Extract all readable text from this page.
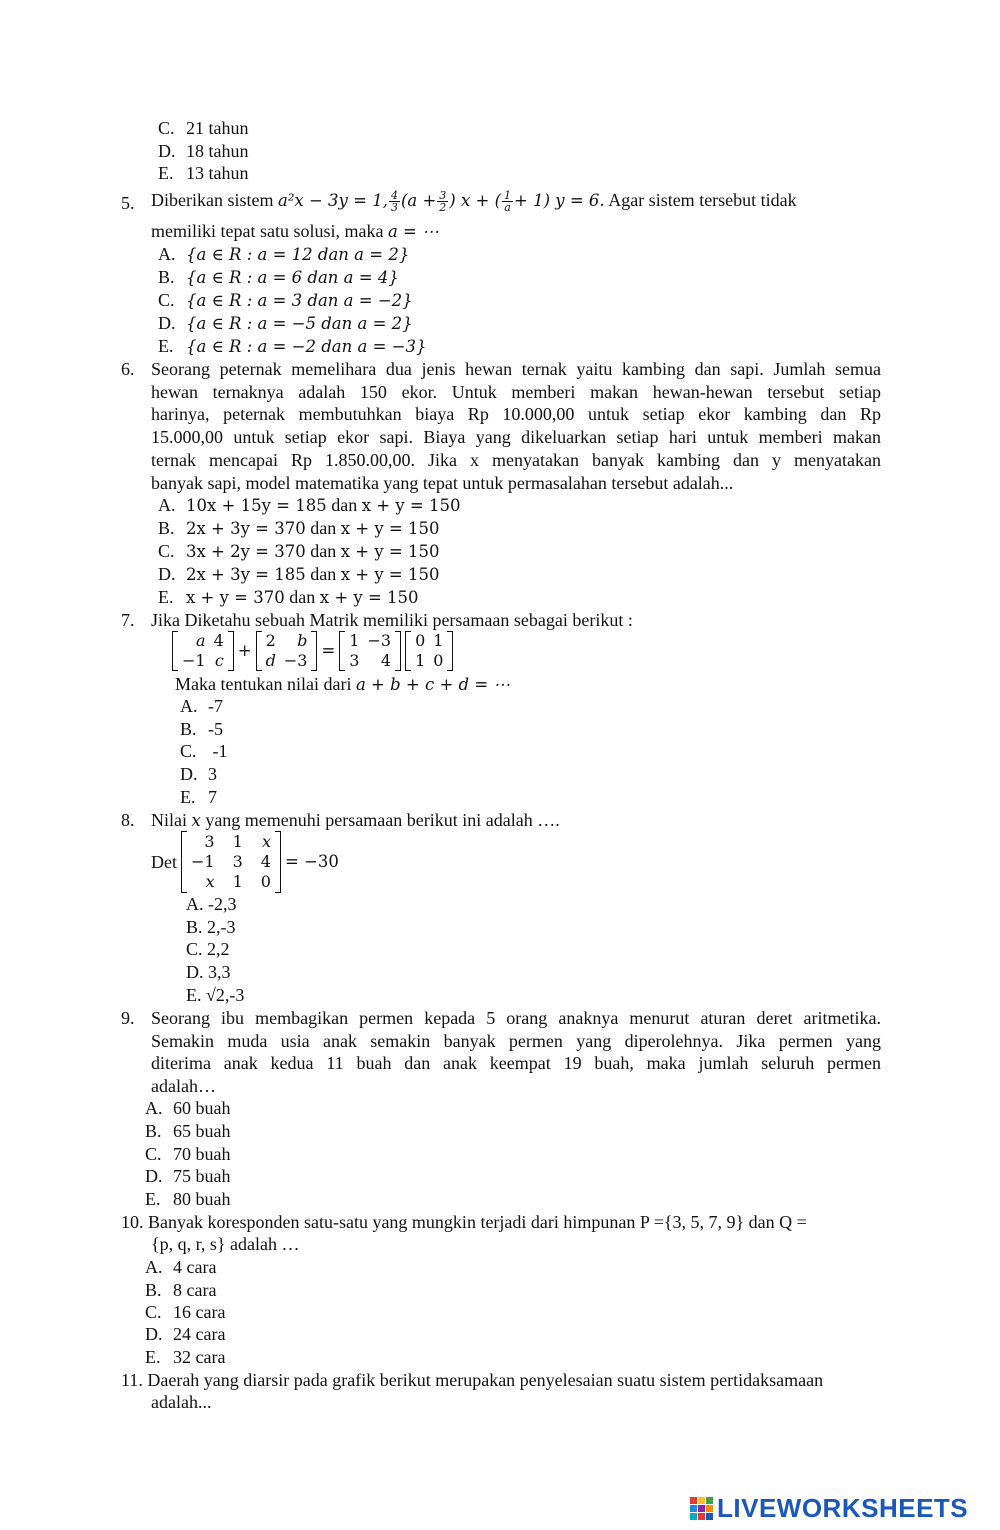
C. 21 tahun
D. 18 tahun
E. 13 tahun
5. Diberikan sistem a²x − 3y = 1, $\frac{4}{3} (a + \frac{3}{2}$ ) x + ( $\frac{1}{a} + 1$) y = 6. Agar sistem tersebut tidak
memiliki tepat satu solusi, maka a = ⋯
A. {a ∈ R : a = 12 dan a = 2}
B. {a ∈ R : a = 6 dan a = 4}
C. {a ∈ R : a = 3 dan a = −2}
D. {a ∈ R : a = −5 dan a = 2}
E. {a ∈ R : a = −2 dan a = −3}
6. Seorang peternak memelihara dua jenis hewan ternak yaitu kambing dan sapi. Jumlah semua
hewan ternaknya adalah 150 ekor. Untuk memberi makan hewan-hewan tersebut setiap
harinya, peternak membutuhkan biaya Rp 10.000,00 untuk setiap ekor kambing dan Rp
15.000,00 untuk setiap ekor sapi. Biaya yang dikeluarkan setiap hari untuk memberi makan
ternak mencapai Rp 1.850.00,00. Jika x menyatakan banyak kambing dan y menyatakan
banyak sapi, model matematika yang tepat untuk permasalahan tersebut adalah...
A. 10x + 15y = 185 dan x + y = 150
B. 2x + 3y = 370 dan x + y = 150
C. 3x + 2y = 370 dan x + y = 150
D. 2x + 3y = 185 dan x + y = 150
E. x + y = 370 dan x + y = 150
7. Jika Diketahu sebuah Matrik memiliki persamaan sebagai berikut :
a	4
−1	c
+
2	b
d	−3
=
1	−3
3	4
0	1
1	0
Maka tentukan nilai dari a + b + c + d = ⋯
A. -7
B. -5
C. -1
D. 3
E. 7
8. Nilai x yang memenuhi persamaan berikut ini adalah ….
Det
3	1	x
−1	3	4
x	1	0
= −30
A. -2,3
B. 2,-3
C. 2,2
D. 3,3
E. √2,-3
9. Seorang ibu membagikan permen kepada 5 orang anaknya menurut aturan deret aritmetika.
Semakin muda usia anak semakin banyak permen yang diperolehnya. Jika permen yang
diterima anak kedua 11 buah dan anak keempat 19 buah, maka jumlah seluruh permen
adalah…
A. 60 buah
B. 65 buah
C. 70 buah
D. 75 buah
E. 80 buah
10. Banyak koresponden satu-satu yang mungkin terjadi dari himpunan P ={3, 5, 7, 9} dan Q =
{p, q, r, s} adalah …
A. 4 cara
B. 8 cara
C. 16 cara
D. 24 cara
E. 32 cara
11. Daerah yang diarsir pada grafik berikut merupakan penyelesaian suatu sistem pertidaksamaan
adalah...
LIVEWORKSHEETS
